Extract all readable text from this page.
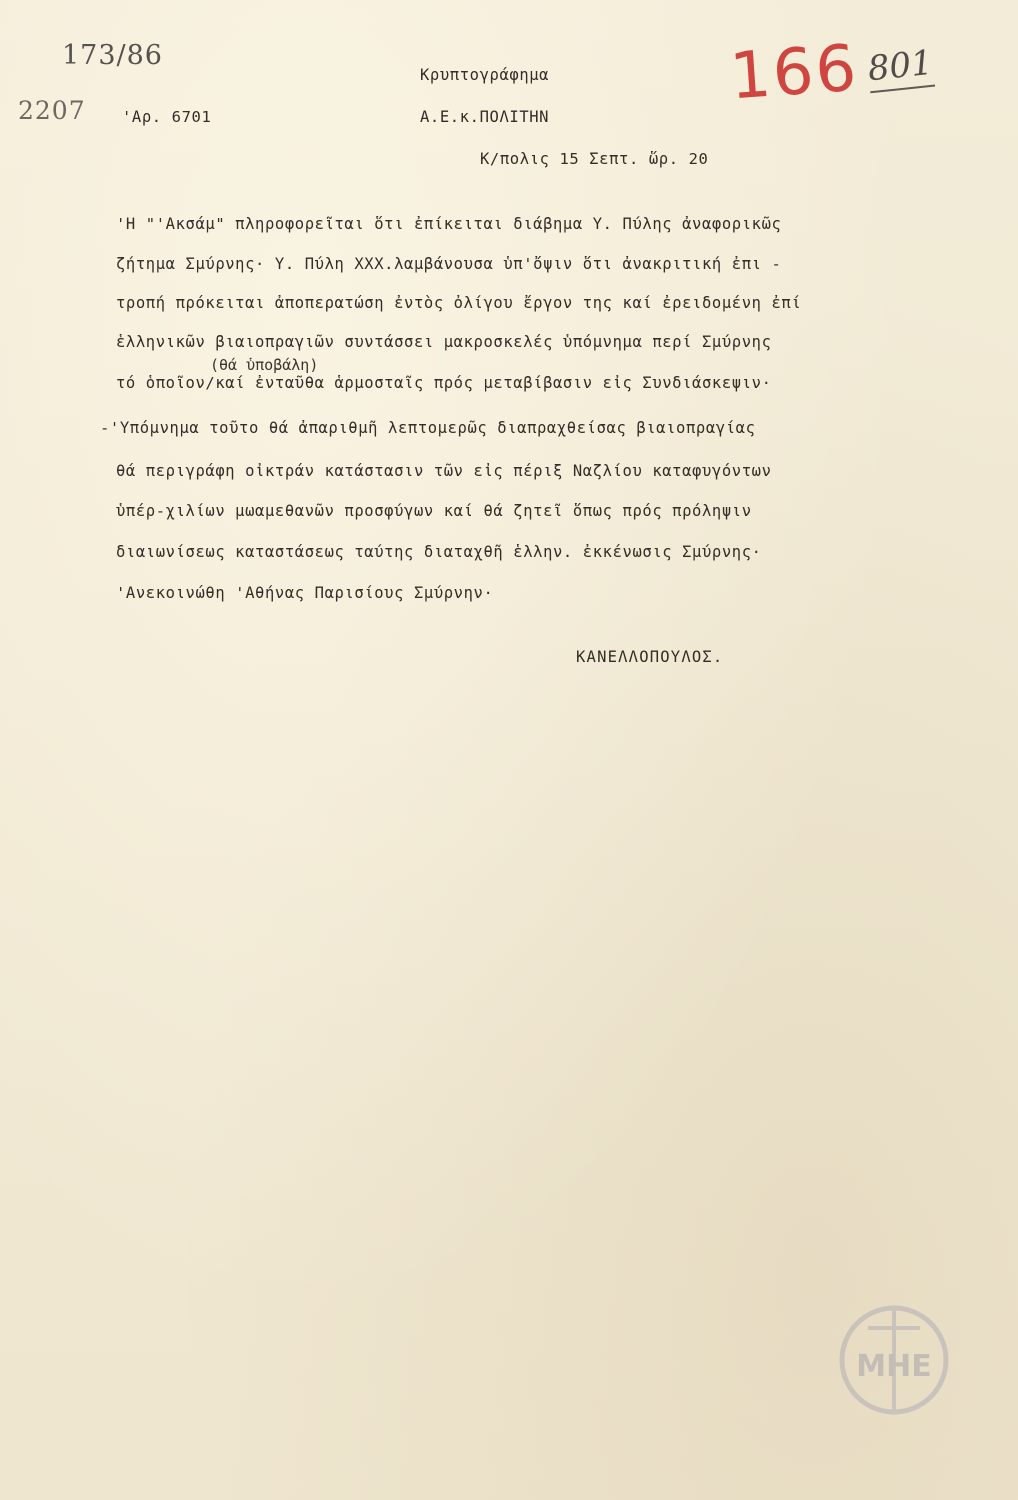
173/86
2207	166 801
'Αρ. 6701
Κρυπτογράφημα
Α.Ε.κ.ΠΟΛΙΤΗΝ
Κ/πολις 15 Σεπτ. ὥρ. 20
'Η "'Ακσάμ" πληροφορεῖται ὅτι ἐπίκειται διάβημα Υ. Πύλης ἀναφορικῶς
ζήτημα Σμύρνης· Υ. Πύλη ΧΧΧ.λαμβάνουσα ὑπ'ὄψιν ὅτι ἀνακριτική ἐπι -
τροπή πρόκειται ἀποπερατώση ἐντὸς ὀλίγου ἔργον της καί ἐρειδομένη ἐπί
ἑλληνικῶν βιαιοπραγιῶν συντάσσει μακροσκελές ὑπόμνημα περί Σμύρνης
(θά ὑποβάλη)
τό ὁποῖον/καί ἐνταῦθα ἁρμοσταῖς πρός μεταβίβασιν εἰς Συνδιάσκεψιν·
-'Υπόμνημα τοῦτο θά ἀπαριθμῆ λεπτομερῶς διαπραχθείσας βιαιοπραγίας
θά περιγράφη οἰκτράν κατάστασιν τῶν εἰς πέριξ Ναζλίου καταφυγόντων
ὑπέρ-χιλίων μωαμεθανῶν προσφύγων καί θά ζητεῖ ὅπως πρός πρόληψιν
διαιωνίσεως καταστάσεως ταύτης διαταχθῆ ἑλλην. ἐκκένωσις Σμύρνης·
'Ανεκοινώθη 'Αθήνας Παρισίους Σμύρνην·
ΚΑΝΕΛΛΟΠΟΥΛΟΣ.
ΜΗΕ
